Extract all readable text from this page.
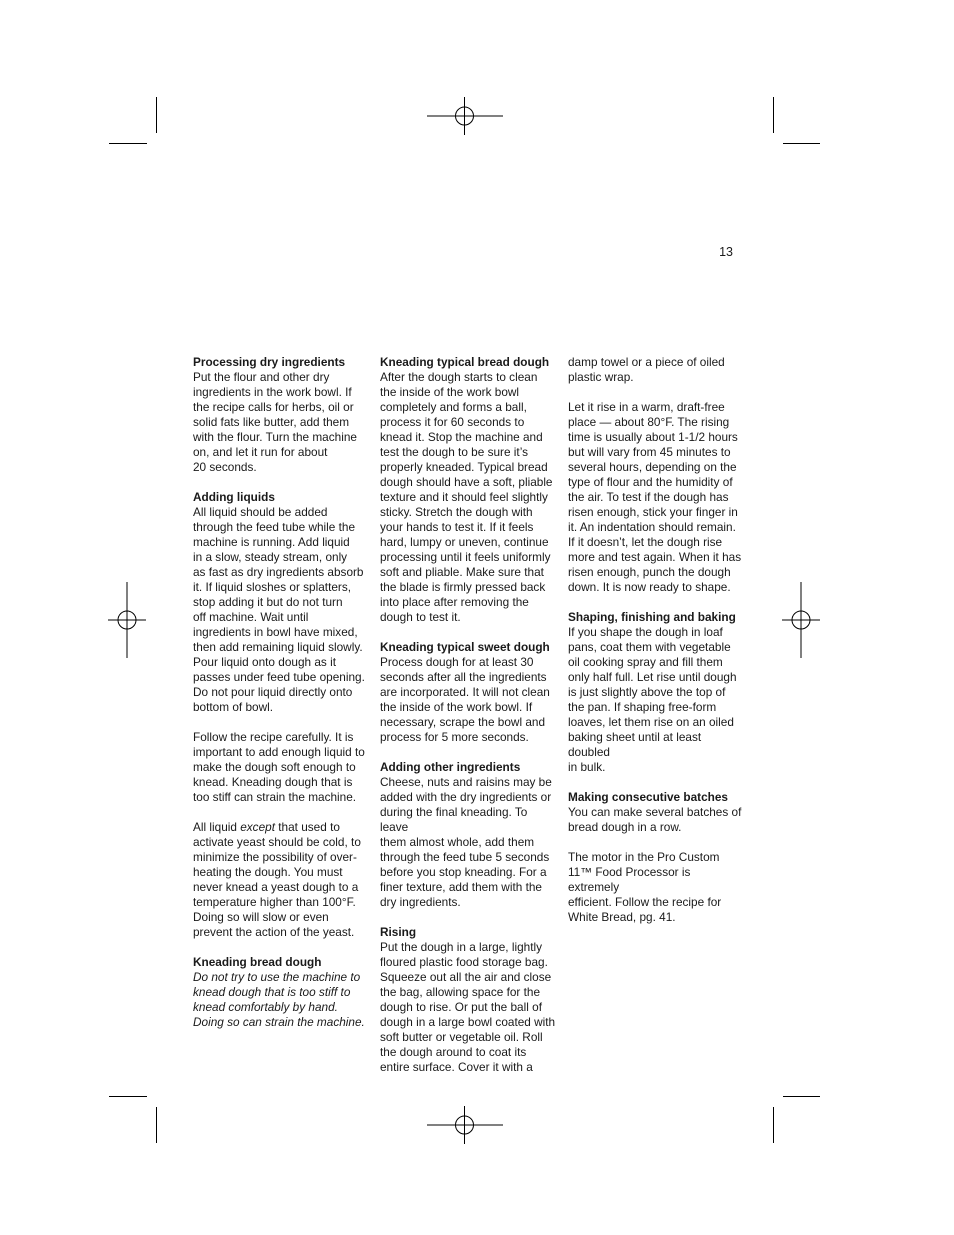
13

Processing dry ingredients
Put the flour and other dry
ingredients in the work bowl. If
the recipe calls for herbs, oil or
solid fats like butter, add them
with the flour. Turn the machine
on, and let it run for about
20 seconds.

Adding liquids
All liquid should be added
through the feed tube while the
machine is running. Add liquid
in a slow, steady stream, only
as fast as dry ingredients absorb
it. If liquid sloshes or splatters,
stop adding it but do not turn
off machine. Wait until
ingredients in bowl have mixed,
then add remaining liquid slowly.
Pour liquid onto dough as it
passes under feed tube opening.
Do not pour liquid directly onto
bottom of bowl.

Follow the recipe carefully. It is
important to add enough liquid to
make the dough soft enough to
knead. Kneading dough that is
too stiff can strain the machine.

All liquid except that used to
activate yeast should be cold, to
minimize the possibility of over-
heating the dough. You must
never knead a yeast dough to a
temperature higher than 100°F.
Doing so will slow or even
prevent the action of the yeast.

Kneading bread dough
Do not try to use the machine to
knead dough that is too stiff to
knead comfortably by hand.
Doing so can strain the machine.

Kneading typical bread dough
After the dough starts to clean
the inside of the work bowl
completely and forms a ball,
process it for 60 seconds to
knead it. Stop the machine and
test the dough to be sure it’s
properly kneaded. Typical bread
dough should have a soft, pliable
texture and it should feel slightly
sticky. Stretch the dough with
your hands to test it. If it feels
hard, lumpy or uneven, continue
processing until it feels uniformly
soft and pliable. Make sure that
the blade is firmly pressed back
into place after removing the
dough to test it.

Kneading typical sweet dough
Process dough for at least 30
seconds after all the ingredients
are incorporated. It will not clean
the inside of the work bowl. If
necessary, scrape the bowl and
process for 5 more seconds.

Adding other ingredients
Cheese, nuts and raisins may be
added with the dry ingredients or
during the final kneading. To leave
them almost whole, add them
through the feed tube 5 seconds
before you stop kneading. For a
finer texture, add them with the
dry ingredients.

Rising
Put the dough in a large, lightly
floured plastic food storage bag.
Squeeze out all the air and close
the bag, allowing space for the
dough to rise. Or put the ball of
dough in a large bowl coated with
soft butter or vegetable oil. Roll
the dough around to coat its
entire surface. Cover it with a

damp towel or a piece of oiled
plastic wrap.

Let it rise in a warm, draft-free
place — about 80°F. The rising
time is usually about 1-1/2 hours
but will vary from 45 minutes to
several hours, depending on the
type of flour and the humidity of
the air. To test if the dough has
risen enough, stick your finger in
it. An indentation should remain.
If it doesn’t, let the dough rise
more and test again. When it has
risen enough, punch the dough
down. It is now ready to shape.

Shaping, finishing and baking
If you shape the dough in loaf
pans, coat them with vegetable
oil cooking spray and fill them
only half full. Let rise until dough
is just slightly above the top of
the pan. If shaping free-form
loaves, let them rise on an oiled
baking sheet until at least doubled
in bulk.

Making consecutive batches
You can make several batches of
bread dough in a row.

The motor in the Pro Custom
11™ Food Processor is extremely
efficient. Follow the recipe for
White Bread, pg. 41.
